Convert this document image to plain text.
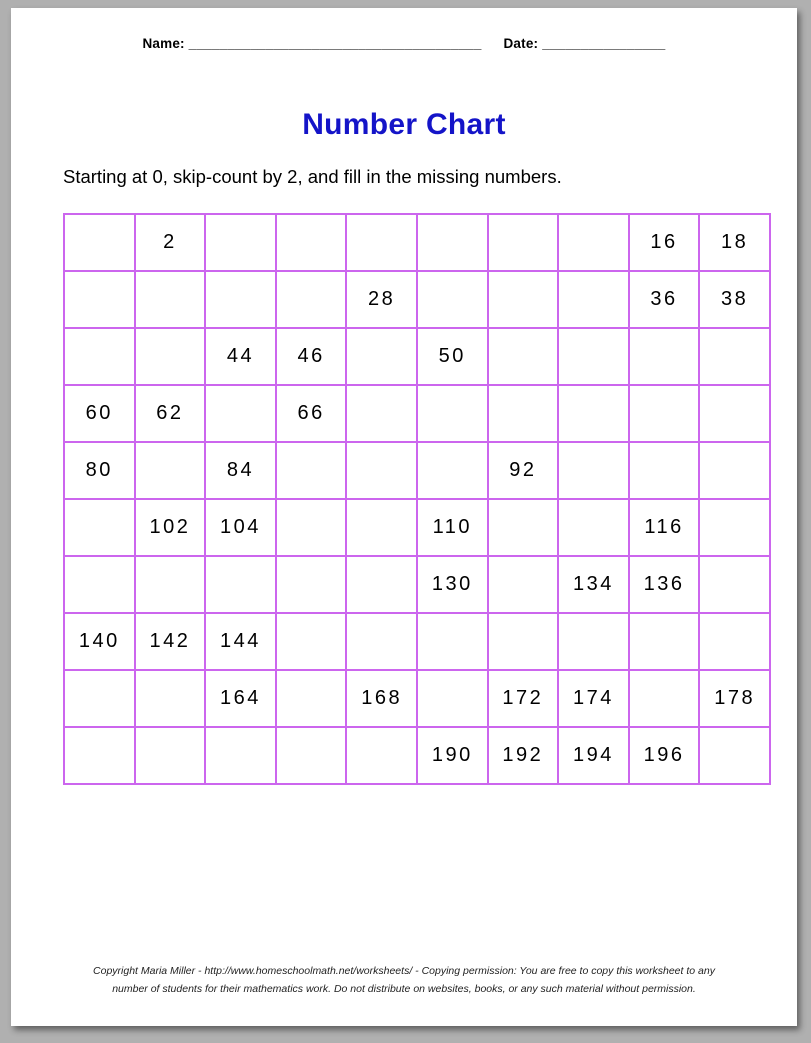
Name: ______________________________________ Date: ________________
Number Chart
Starting at 0, skip-count by 2, and fill in the missing numbers.
	2							16	18
				28				36	38
		44	46		50				
60	62		66						
80		84				92			
	102	104			110			116	
					130		134	136	
140	142	144							
		164		168		172	174		178
					190	192	194	196	
Copyright Maria Miller - http://www.homeschoolmath.net/worksheets/ - Copying permission: You are free to copy this worksheet to any
number of students for their mathematics work. Do not distribute on websites, books, or any such material without permission.
